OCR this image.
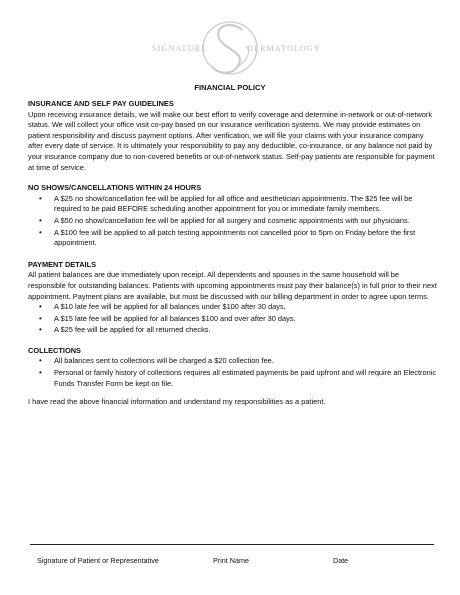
SIGNATURE	DERMATOLOGY
FINANCIAL POLICY

INSURANCE AND SELF PAY GUIDELINES

Upon receiving insurance details, we will make our best effort to verify coverage and determine in-network or out-of-network status. We will collect your office visit co-pay based on our insurance verification systems. We may provide estimates on patient responsibility and discuss payment options. After verification, we will file your claims with your insurance company after every date of service. It is ultimately your responsibility to pay any deductible, co-insurance, or any balance not paid by your insurance company due to non-covered benefits or out-of-network status. Self-pay patients are responsible for payment at time of service.

NO SHOWS/CANCELLATIONS WITHIN 24 HOURS

• A $25 no show/cancellation fee will be applied for all office and aesthetician appointments. The $25 fee will be required to be paid BEFORE scheduling another appointment for you or immediate family members.
• A $50 no show/cancellation fee will be applied for all surgery and cosmetic appointments with our physicians.
• A $100 fee will be applied to all patch testing appointments not cancelled prior to 5pm on Friday before the first appointment.

PAYMENT DETAILS

All patient balances are due immediately upon receipt. All dependents and spouses in the same household will be responsible for outstanding balances. Patients with upcoming appointments must pay their balance(s) in full prior to their next appointment. Payment plans are available, but must be discussed with our billing department in order to agree upon terms.

• A $10 late fee will be applied for all balances under $100 after 30 days.
• A $15 late fee will be applied for all balances $100 and over after 30 days.
• A $25 fee will be applied for all returned checks.

COLLECTIONS

• All balances sent to collections will be charged a $20 collection fee.
• Personal or family history of collections requires all estimated payments be paid upfront and will require an Electronic Funds Transfer Form be kept on file.

I have read the above financial information and understand my responsibilities as a patient.

Signature of Patient or Representative	Print Name	Date
